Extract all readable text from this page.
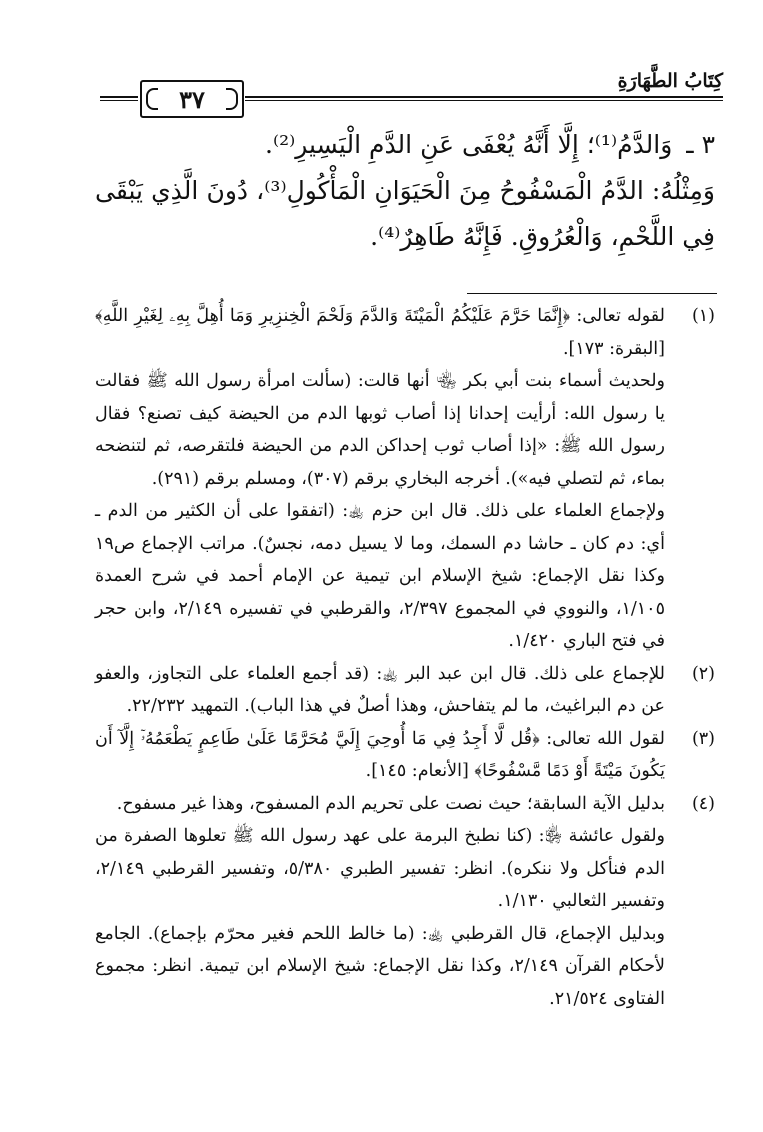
كِتَابُ الطَّهَارَةِ
٣٧

٣ ـ وَالدَّمُ⁽¹⁾؛ إِلَّا أَنَّهُ يُعْفَى عَنِ الدَّمِ الْيَسِيرِ⁽²⁾.

وَمِثْلُهُ: الدَّمُ الْمَسْفُوحُ مِنَ الْحَيَوَانِ الْمَأْكُولِ⁽³⁾، دُونَ الَّذِي يَبْقَى فِي اللَّحْمِ، وَالْعُرُوقِ. فَإِنَّهُ طَاهِرٌ⁽⁴⁾.

(١)

لقوله تعالى: ﴿إِنَّمَا حَرَّمَ عَلَيْكُمُ الْمَيْتَةَ وَالدَّمَ وَلَحْمَ الْخِنزِيرِ وَمَا أُهِلَّ بِهِۦ لِغَيْرِ اللَّهِ﴾ [البقرة: ١٧٣].

ولحديث أسماء بنت أبي بكر ﵄ أنها قالت: (سألت امرأة رسول الله ﷺ فقالت يا رسول الله: أرأيت إحدانا إذا أصاب ثوبها الدم من الحيضة كيف تصنع؟ فقال رسول الله ﷺ: «إذا أصاب ثوب إحداكن الدم من الحيضة فلتقرصه، ثم لتنضحه بماء، ثم لتصلي فيه»). أخرجه البخاري برقم (٣٠٧)، ومسلم برقم (٢٩١).

ولإجماع العلماء على ذلك. قال ابن حزم ﵀: (اتفقوا على أن الكثير من الدم ـ أي: دم كان ـ حاشا دم السمك، وما لا يسيل دمه، نجسٌ). مراتب الإجماع ص١٩ وكذا نقل الإجماع: شيخ الإسلام ابن تيمية عن الإمام أحمد في شرح العمدة ١/١٠٥، والنووي في المجموع ٢/٣٩٧، والقرطبي في تفسيره ٢/١٤٩، وابن حجر في فتح الباري ١/٤٢٠.

(٢)

للإجماع على ذلك. قال ابن عبد البر ﵀: (قد أجمع العلماء على التجاوز، والعفو عن دم البراغيث، ما لم يتفاحش، وهذا أصلٌ في هذا الباب). التمهيد ٢٢/٢٣٢.

(٣)

لقول الله تعالى: ﴿قُل لَّا أَجِدُ فِي مَا أُوحِيَ إِلَيَّ مُحَرَّمًا عَلَىٰ طَاعِمٍ يَطْعَمُهُۥٓ إِلَّآ أَن يَكُونَ مَيْتَةً أَوْ دَمًا مَّسْفُوحًا﴾ [الأنعام: ١٤٥].

(٤)

بدليل الآية السابقة؛ حيث نصت على تحريم الدم المسفوح، وهذا غير مسفوح.

ولقول عائشة ﵂: (كنا نطبخ البرمة على عهد رسول الله ﷺ تعلوها الصفرة من الدم فنأكل ولا ننكره). انظر: تفسير الطبري ٥/٣٨٠، وتفسير القرطبي ٢/١٤٩، وتفسير الثعالبي ١/١٣٠.

وبدليل الإجماع، قال القرطبي ﵀: (ما خالط اللحم فغير محرّم بإجماع). الجامع لأحكام القرآن ٢/١٤٩، وكذا نقل الإجماع: شيخ الإسلام ابن تيمية. انظر: مجموع الفتاوى ٢١/٥٢٤.
